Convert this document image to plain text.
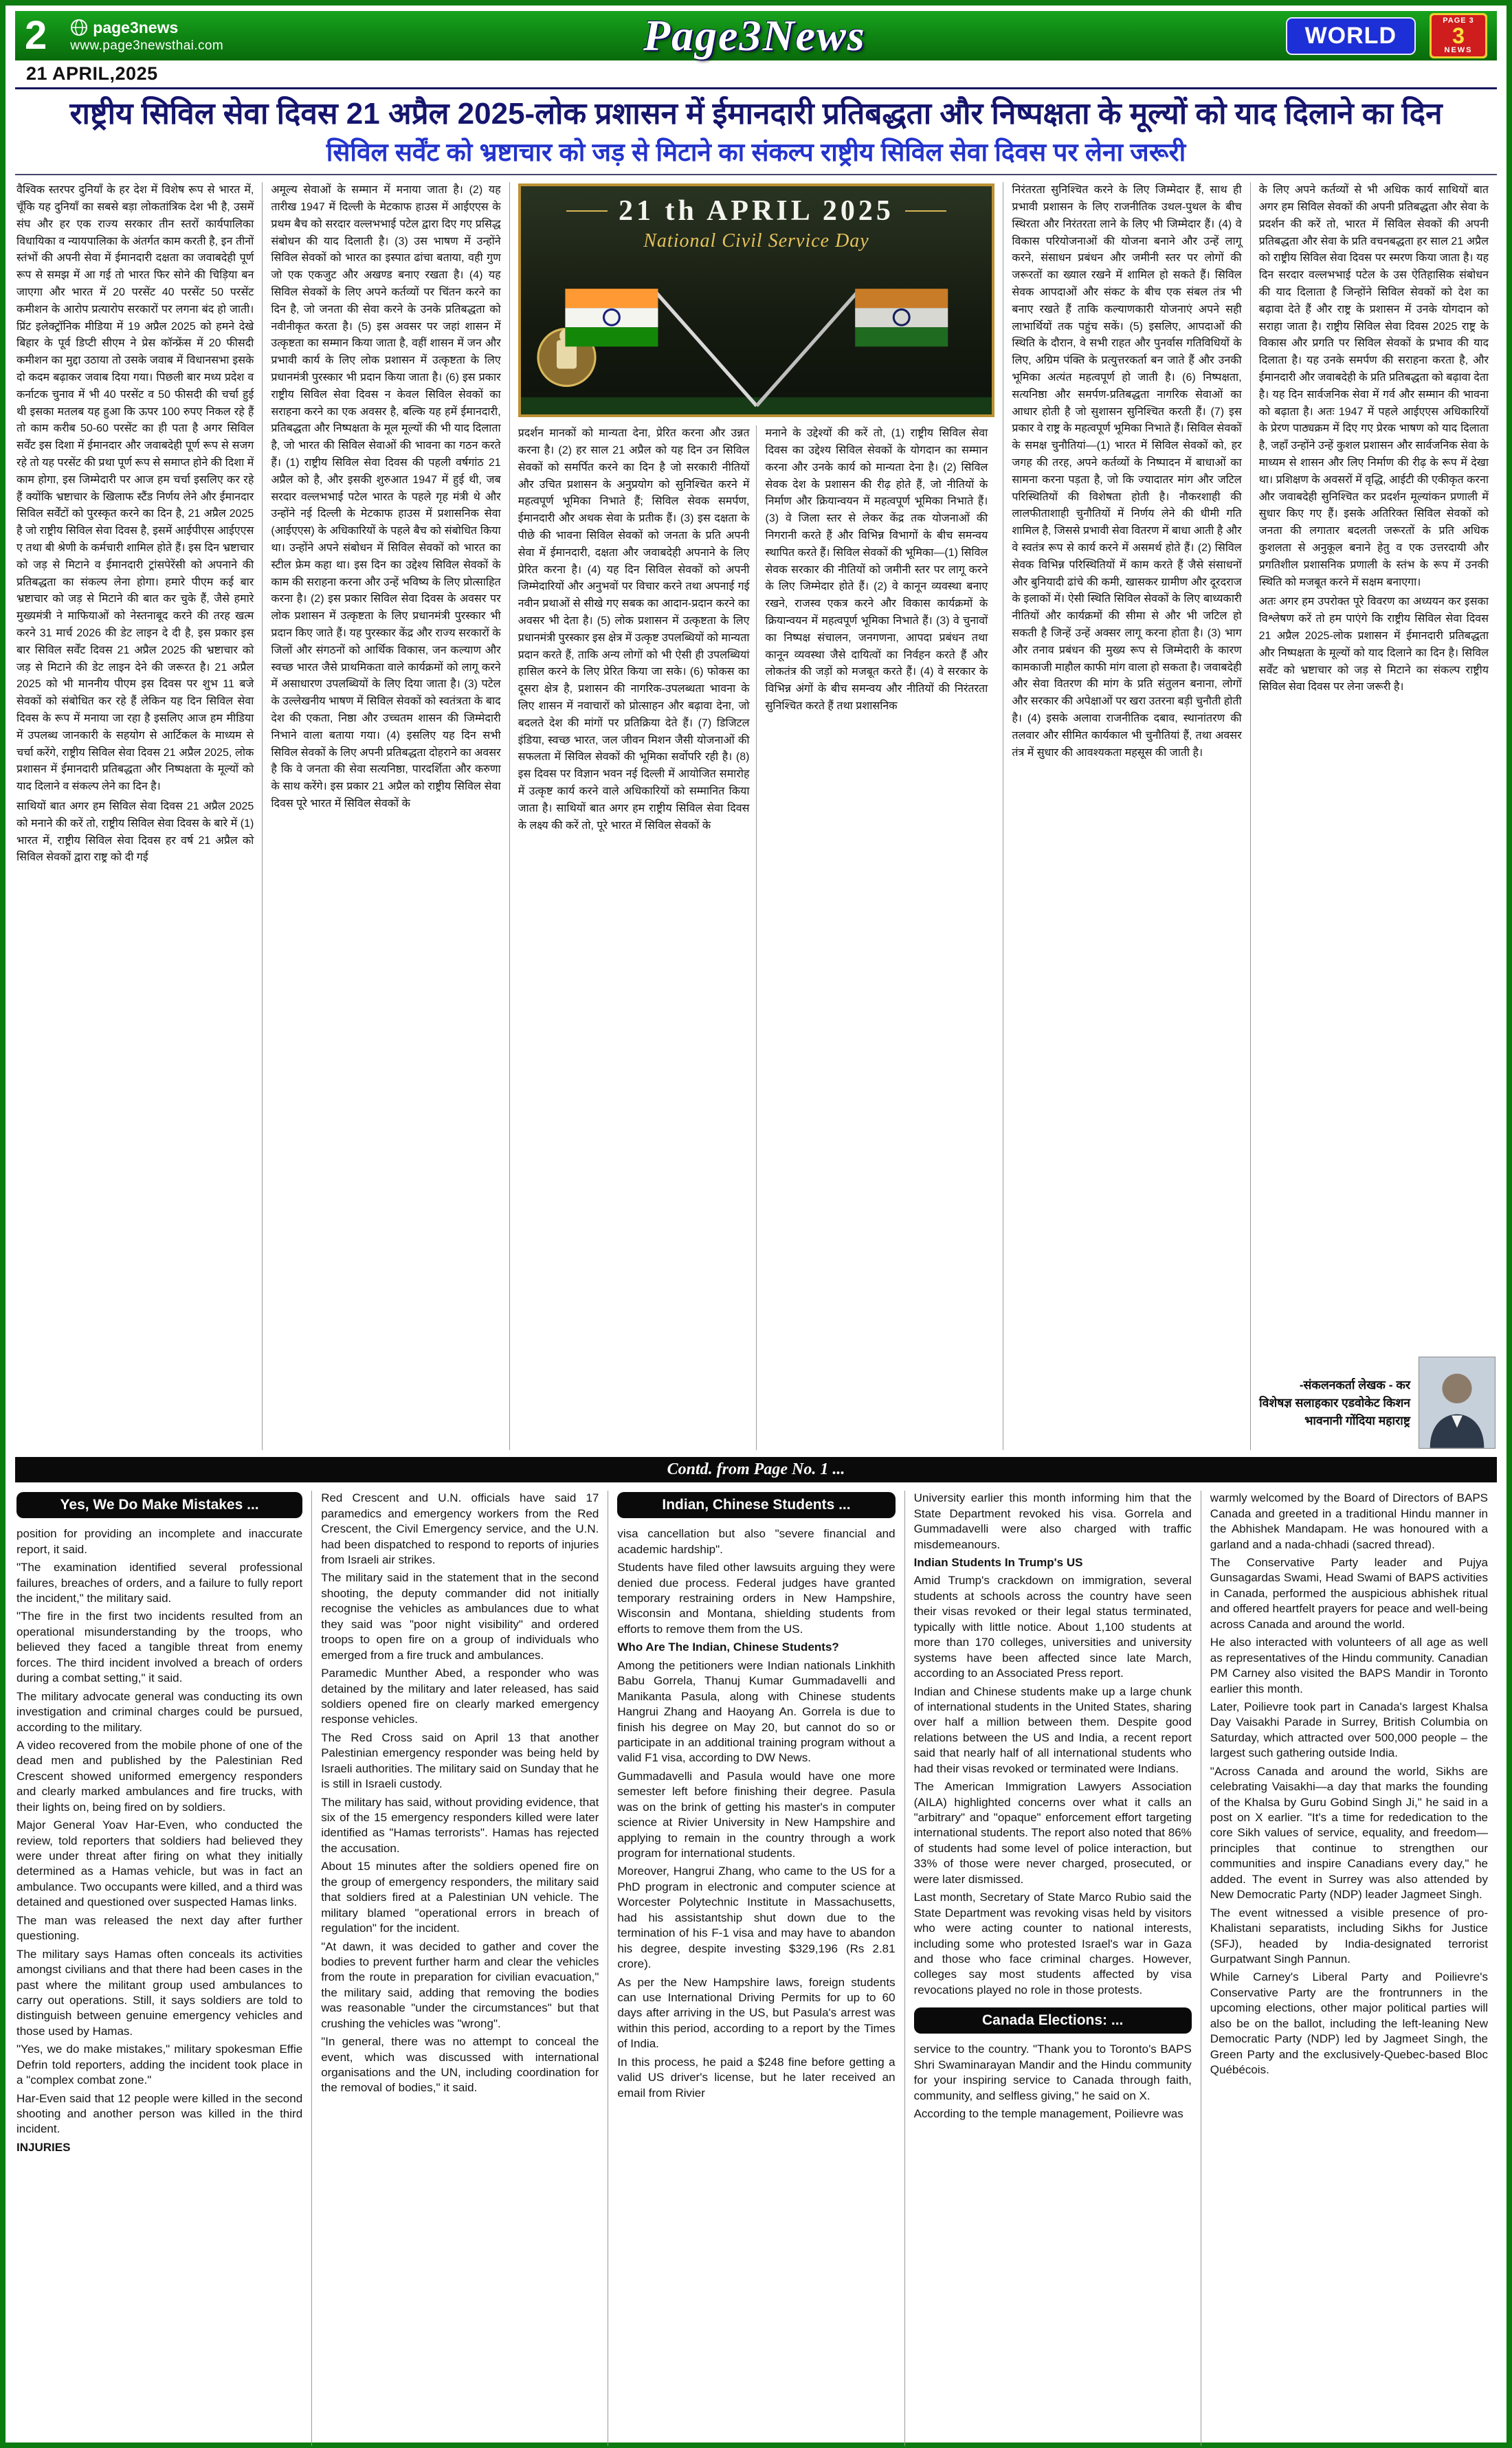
2	page3news
www.page3newsthai.com	Page3News	WORLD
PAGE 3
3
NEWS
21 APRIL,2025
राष्ट्रीय सिविल सेवा दिवस 21 अप्रैल 2025-लोक प्रशासन में ईमानदारी प्रतिबद्धता और निष्पक्षता के मूल्यों को याद दिलाने का दिन
सिविल सर्वेंट को भ्रष्टाचार को जड़ से मिटाने का संकल्प राष्ट्रीय सिविल सेवा दिवस पर लेना जरूरी

वैश्विक स्तरपर दुनियाँ के हर देश में विशेष रूप से भारत में, चूँकि यह दुनियाँ का सबसे बड़ा लोकतांत्रिक देश भी है, उसमें संघ और हर एक राज्य सरकार तीन स्तरों कार्यपालिका विधायिका व न्यायपालिका के अंतर्गत काम करती है, इन तीनों स्तंभों की अपनी सेवा में ईमानदारी दक्षता का जवाबदेही पूर्ण रूप से समझ में आ गई तो भारत फिर सोने की चिड़िया बन जाएगा और भारत में 20 परसेंट 40 परसेंट 50 परसेंट कमीशन के आरोप प्रत्यारोप सरकारों पर लगना बंद हो जाती। प्रिंट इलेक्ट्रॉनिक मीडिया में 19 अप्रैल 2025 को हमने देखे बिहार के पूर्व डिप्टी सीएम ने प्रेस कॉन्फ्रेंस में 20 फीसदी कमीशन का मुद्दा उठाया तो उसके जवाब में विधानसभा इसके दो कदम बढ़ाकर जवाब दिया गया। पिछली बार मध्य प्रदेश व कर्नाटक चुनाव में भी 40 परसेंट व 50 फीसदी की चर्चा हुई थी इसका मतलब यह हुआ कि ऊपर 100 रुपए निकल रहे हैं तो काम करीब 50-60 परसेंट का ही पता है अगर सिविल सर्वेंट इस दिशा में ईमानदार और जवाबदेही पूर्ण रूप से सजग रहे तो यह परसेंट की प्रथा पूर्ण रूप से समाप्त होने की दिशा में काम होगा, इस जिम्मेदारी पर आज हम चर्चा इसलिए कर रहे हैं क्योंकि भ्रष्टाचार के खिलाफ स्टैंड निर्णय लेने और ईमानदार सिविल सर्वेंटों को पुरस्कृत करने का दिन है, 21 अप्रैल 2025 है जो राष्ट्रीय सिविल सेवा दिवस है, इसमें आईपीएस आईएएस ए तथा बी श्रेणी के कर्मचारी शामिल होते हैं। इस दिन भ्रष्टाचार को जड़ से मिटाने व ईमानदारी ट्रांसपेरेंसी को अपनाने की प्रतिबद्धता का संकल्प लेना होगा। हमारे पीएम कई बार भ्रष्टाचार को जड़ से मिटाने की बात कर चुके हैं, जैसे हमारे मुख्यमंत्री ने माफियाओं को नेस्तनाबूद करने की तरह खत्म करने 31 मार्च 2026 की डेट लाइन दे दी है, इस प्रकार इस बार सिविल सर्वेंट दिवस 21 अप्रैल 2025 की भ्रष्टाचार को जड़ से मिटाने की डेट लाइन देने की जरूरत है। 21 अप्रैल 2025 को भी माननीय पीएम इस दिवस पर शुभ 11 बजे सेवकों को संबोधित कर रहे हैं लेकिन यह दिन सिविल सेवा दिवस के रूप में मनाया जा रहा है इसलिए आज हम मीडिया में उपलब्ध जानकारी के सहयोग से आर्टिकल के माध्यम से चर्चा करेंगे, राष्ट्रीय सिविल सेवा दिवस 21 अप्रैल 2025, लोक प्रशासन में ईमानदारी प्रतिबद्धता और निष्पक्षता के मूल्यों को याद दिलाने व संकल्प लेने का दिन है।

साथियों बात अगर हम सिविल सेवा दिवस 21 अप्रैल 2025 को मनाने की करें तो, राष्ट्रीय सिविल सेवा दिवस के बारे में (1) भारत में, राष्ट्रीय सिविल सेवा दिवस हर वर्ष 21 अप्रैल को सिविल सेवकों द्वारा राष्ट्र को दी गई

अमूल्य सेवाओं के सम्मान में मनाया जाता है। (2) यह तारीख 1947 में दिल्ली के मेटकाफ हाउस में आईएएस के प्रथम बैच को सरदार वल्लभभाई पटेल द्वारा दिए गए प्रसिद्ध संबोधन की याद दिलाती है। (3) उस भाषण में उन्होंने सिविल सेवकों को भारत का इस्पात ढांचा बताया, वही गुण जो एक एकजुट और अखण्ड बनाए रखता है। (4) यह सिविल सेवकों के लिए अपने कर्तव्यों पर चिंतन करने का दिन है, जो जनता की सेवा करने के उनके प्रतिबद्धता को नवीनीकृत करता है। (5) इस अवसर पर जहां शासन में उत्कृष्टता का सम्मान किया जाता है, वहीं शासन में जन और प्रभावी कार्य के लिए लोक प्रशासन में उत्कृष्टता के लिए प्रधानमंत्री पुरस्कार भी प्रदान किया जाता है। (6) इस प्रकार राष्ट्रीय सिविल सेवा दिवस न केवल सिविल सेवकों का सराहना करने का एक अवसर है, बल्कि यह हमें ईमानदारी, प्रतिबद्धता और निष्पक्षता के मूल मूल्यों की भी याद दिलाता है, जो भारत की सिविल सेवाओं की भावना का गठन करते हैं। (1) राष्ट्रीय सिविल सेवा दिवस की पहली वर्षगांठ 21 अप्रैल को है, और इसकी शुरुआत 1947 में हुई थी, जब सरदार वल्लभभाई पटेल भारत के पहले गृह मंत्री थे और उन्होंने नई दिल्ली के मेटकाफ हाउस में प्रशासनिक सेवा (आईएएस) के अधिकारियों के पहले बैच को संबोधित किया था। उन्होंने अपने संबोधन में सिविल सेवकों को भारत का स्टील फ्रेम कहा था। इस दिन का उद्देश्य सिविल सेवकों के काम की सराहना करना और उन्हें भविष्य के लिए प्रोत्साहित करना है। (2) इस प्रकार सिविल सेवा दिवस के अवसर पर लोक प्रशासन में उत्कृष्टता के लिए प्रधानमंत्री पुरस्कार भी प्रदान किए जाते हैं। यह पुरस्कार केंद्र और राज्य सरकारों के जिलों और संगठनों को आर्थिक विकास, जन कल्याण और स्वच्छ भारत जैसे प्राथमिकता वाले कार्यक्रमों को लागू करने में असाधारण उपलब्धियों के लिए दिया जाता है। (3) पटेल के उल्लेखनीय भाषण में सिविल सेवकों को स्वतंत्रता के बाद देश की एकता, निष्ठा और उच्चतम शासन की जिम्मेदारी निभाने वाला बताया गया। (4) इसलिए यह दिन सभी सिविल सेवकों के लिए अपनी प्रतिबद्धता दोहराने का अवसर है कि वे जनता की सेवा सत्यनिष्ठा, पारदर्शिता और करुणा के साथ करेंगे। इस प्रकार 21 अप्रैल को राष्ट्रीय सिविल सेवा दिवस पूरे भारत में सिविल सेवकों के

21 th APRIL 2025
National Civil Service Day

प्रदर्शन मानकों को मान्यता देना, प्रेरित करना और उन्नत करना है। (2) हर साल 21 अप्रैल को यह दिन उन सिविल सेवकों को समर्पित करने का दिन है जो सरकारी नीतियों और उचित प्रशासन के अनुप्रयोग को सुनिश्चित करने में महत्वपूर्ण भूमिका निभाते हैं; सिविल सेवक समर्पण, ईमानदारी और अथक सेवा के प्रतीक हैं। (3) इस दक्षता के पीछे की भावना सिविल सेवकों को जनता के प्रति अपनी सेवा में ईमानदारी, दक्षता और जवाबदेही अपनाने के लिए प्रेरित करना है। (4) यह दिन सिविल सेवकों को अपनी जिम्मेदारियों और अनुभवों पर विचार करने तथा अपनाई गई नवीन प्रथाओं से सीखे गए सबक का आदान-प्रदान करने का अवसर भी देता है। (5) लोक प्रशासन में उत्कृष्टता के लिए प्रधानमंत्री पुरस्कार इस क्षेत्र में उत्कृष्ट उपलब्धियों को मान्यता प्रदान करते हैं, ताकि अन्य लोगों को भी ऐसी ही उपलब्धियां हासिल करने के लिए प्रेरित किया जा सके। (6) फोकस का दूसरा क्षेत्र है, प्रशासन की नागरिक-उपलब्धता भावना के लिए शासन में नवाचारों को प्रोत्साहन और बढ़ावा देना, जो बदलते देश की मांगों पर प्रतिक्रिया देते हैं। (7) डिजिटल इंडिया, स्वच्छ भारत, जल जीवन मिशन जैसी योजनाओं की सफलता में सिविल सेवकों की भूमिका सर्वोपरि रही है। (8) इस दिवस पर विज्ञान भवन नई दिल्ली में आयोजित समारोह में उत्कृष्ट कार्य करने वाले अधिकारियों को सम्मानित किया जाता है। साथियों बात अगर हम राष्ट्रीय सिविल सेवा दिवस के लक्ष्य की करें तो, पूरे भारत में सिविल सेवकों के

मनाने के उद्देश्यों की करें तो, (1) राष्ट्रीय सिविल सेवा दिवस का उद्देश्य सिविल सेवकों के योगदान का सम्मान करना और उनके कार्य को मान्यता देना है। (2) सिविल सेवक देश के प्रशासन की रीढ़ होते हैं, जो नीतियों के निर्माण और क्रियान्वयन में महत्वपूर्ण भूमिका निभाते हैं। (3) वे जिला स्तर से लेकर केंद्र तक योजनाओं की निगरानी करते हैं और विभिन्न विभागों के बीच समन्वय स्थापित करते हैं। सिविल सेवकों की भूमिका—(1) सिविल सेवक सरकार की नीतियों को जमीनी स्तर पर लागू करने के लिए जिम्मेदार होते हैं। (2) वे कानून व्यवस्था बनाए रखने, राजस्व एकत्र करने और विकास कार्यक्रमों के क्रियान्वयन में महत्वपूर्ण भूमिका निभाते हैं। (3) वे चुनावों का निष्पक्ष संचालन, जनगणना, आपदा प्रबंधन तथा कानून व्यवस्था जैसे दायित्वों का निर्वहन करते हैं और लोकतंत्र की जड़ों को मजबूत करते हैं। (4) वे सरकार के विभिन्न अंगों के बीच समन्वय और नीतियों की निरंतरता सुनिश्चित करते हैं तथा प्रशासनिक

निरंतरता सुनिश्चित करने के लिए जिम्मेदार हैं, साथ ही प्रभावी प्रशासन के लिए राजनीतिक उथल-पुथल के बीच स्थिरता और निरंतरता लाने के लिए भी जिम्मेदार हैं। (4) वे विकास परियोजनाओं की योजना बनाने और उन्हें लागू करने, संसाधन प्रबंधन और जमीनी स्तर पर लोगों की जरूरतों का ख्याल रखने में शामिल हो सकते हैं। सिविल सेवक आपदाओं और संकट के बीच एक संबल तंत्र भी बनाए रखते हैं ताकि कल्याणकारी योजनाएं अपने सही लाभार्थियों तक पहुंच सकें। (5) इसलिए, आपदाओं की स्थिति के दौरान, वे सभी राहत और पुनर्वास गतिविधियों के लिए, अग्रिम पंक्ति के प्रत्युत्तरकर्ता बन जाते हैं और उनकी भूमिका अत्यंत महत्वपूर्ण हो जाती है। (6) निष्पक्षता, सत्यनिष्ठा और समर्पण-प्रतिबद्धता नागरिक सेवाओं का आधार होती है जो सुशासन सुनिश्चित करती हैं। (7) इस प्रकार वे राष्ट्र के महत्वपूर्ण भूमिका निभाते हैं। सिविल सेवकों के समक्ष चुनौतियां—(1) भारत में सिविल सेवकों को, हर जगह की तरह, अपने कर्तव्यों के निष्पादन में बाधाओं का सामना करना पड़ता है, जो कि ज्यादातर मांग और जटिल परिस्थितियों की विशेषता होती है। नौकरशाही की लालफीताशाही चुनौतियों में निर्णय लेने की धीमी गति शामिल है, जिससे प्रभावी सेवा वितरण में बाधा आती है और वे स्वतंत्र रूप से कार्य करने में असमर्थ होते हैं। (2) सिविल सेवक विभिन्न परिस्थितियों में काम करते हैं जैसे संसाधनों और बुनियादी ढांचे की कमी, खासकर ग्रामीण और दूरदराज के इलाकों में। ऐसी स्थिति सिविल सेवकों के लिए बाध्यकारी नीतियों और कार्यक्रमों की सीमा से और भी जटिल हो सकती है जिन्हें उन्हें अक्सर लागू करना होता है। (3) भाग और तनाव प्रबंधन की मुख्य रूप से जिम्मेदारी के कारण कामकाजी माहौल काफी मांग वाला हो सकता है। जवाबदेही और सेवा वितरण की मांग के प्रति संतुलन बनाना, लोगों और सरकार की अपेक्षाओं पर खरा उतरना बड़ी चुनौती होती है। (4) इसके अलावा राजनीतिक दबाव, स्थानांतरण की तलवार और सीमित कार्यकाल भी चुनौतियां हैं, तथा अवसर तंत्र में सुधार की आवश्यकता महसूस की जाती है।

के लिए अपने कर्तव्यों से भी अधिक कार्य साथियों बात अगर हम सिविल सेवकों की अपनी प्रतिबद्धता और सेवा के प्रदर्शन की करें तो, भारत में सिविल सेवकों की अपनी प्रतिबद्धता और सेवा के प्रति वचनबद्धता हर साल 21 अप्रैल को राष्ट्रीय सिविल सेवा दिवस पर स्मरण किया जाता है। यह दिन सरदार वल्लभभाई पटेल के उस ऐतिहासिक संबोधन की याद दिलाता है जिन्होंने सिविल सेवकों को देश का बढ़ावा देते हैं और राष्ट्र के प्रशासन में उनके योगदान को सराहा जाता है। राष्ट्रीय सिविल सेवा दिवस 2025 राष्ट्र के विकास और प्रगति पर सिविल सेवकों के प्रभाव की याद दिलाता है। यह उनके समर्पण की सराहना करता है, और ईमानदारी और जवाबदेही के प्रति प्रतिबद्धता को बढ़ावा देता है। यह दिन सार्वजनिक सेवा में गर्व और सम्मान की भावना को बढ़ाता है। अतः 1947 में पहले आईएएस अधिकारियों के प्रेरण पाठ्यक्रम में दिए गए प्रेरक भाषण को याद दिलाता है, जहाँ उन्होंने उन्हें कुशल प्रशासन और सार्वजनिक सेवा के माध्यम से शासन और लिए निर्माण की रीढ़ के रूप में देखा था। प्रशिक्षण के अवसरों में वृद्धि, आईटी की एकीकृत करना और जवाबदेही सुनिश्चित कर प्रदर्शन मूल्यांकन प्रणाली में सुधार किए गए हैं। इसके अतिरिक्त सिविल सेवकों को जनता की लगातार बदलती जरूरतों के प्रति अधिक कुशलता से अनुकूल बनाने हेतु व एक उत्तरदायी और प्रगतिशील प्रशासनिक प्रणाली के स्तंभ के रूप में उनकी स्थिति को मजबूत करने में सक्षम बनाएगा।

अतः अगर हम उपरोक्त पूरे विवरण का अध्ययन कर इसका विश्लेषण करें तो हम पाएंगे कि राष्ट्रीय सिविल सेवा दिवस 21 अप्रैल 2025-लोक प्रशासन में ईमानदारी प्रतिबद्धता और निष्पक्षता के मूल्यों को याद दिलाने का दिन है। सिविल सर्वेंट को भ्रष्टाचार को जड़ से मिटाने का संकल्प राष्ट्रीय सिविल सेवा दिवस पर लेना जरूरी है।

-संकलनकर्ता लेखक - कर
विशेषज्ञ सलाहकार एडवोकेट किशन
भावनानी गोंदिया महाराष्ट्र
Contd. from Page No. 1 ...
Yes, We Do Make Mistakes ...

position for providing an incomplete and inaccurate report, it said.

"The examination identified several professional failures, breaches of orders, and a failure to fully report the incident," the military said.

"The fire in the first two incidents resulted from an operational misunderstanding by the troops, who believed they faced a tangible threat from enemy forces. The third incident involved a breach of orders during a combat setting," it said.

The military advocate general was conducting its own investigation and criminal charges could be pursued, according to the military.

A video recovered from the mobile phone of one of the dead men and published by the Palestinian Red Crescent showed uniformed emergency responders and clearly marked ambulances and fire trucks, with their lights on, being fired on by soldiers.

Major General Yoav Har-Even, who conducted the review, told reporters that soldiers had believed they were under threat after firing on what they initially determined as a Hamas vehicle, but was in fact an ambulance. Two occupants were killed, and a third was detained and questioned over suspected Hamas links.

The man was released the next day after further questioning.

The military says Hamas often conceals its activities amongst civilians and that there had been cases in the past where the militant group used ambulances to carry out operations. Still, it says soldiers are told to distinguish between genuine emergency vehicles and those used by Hamas.

"Yes, we do make mistakes," military spokesman Effie Defrin told reporters, adding the incident took place in a "complex combat zone."

Har-Even said that 12 people were killed in the second shooting and another person was killed in the third incident.

INJURIES

Red Crescent and U.N. officials have said 17 paramedics and emergency workers from the Red Crescent, the Civil Emergency service, and the U.N. had been dispatched to respond to reports of injuries from Israeli air strikes.

The military said in the statement that in the second shooting, the deputy commander did not initially recognise the vehicles as ambulances due to what they said was "poor night visibility" and ordered troops to open fire on a group of individuals who emerged from a fire truck and ambulances.

Paramedic Munther Abed, a responder who was detained by the military and later released, has said soldiers opened fire on clearly marked emergency response vehicles.

The Red Cross said on April 13 that another Palestinian emergency responder was being held by Israeli authorities. The military said on Sunday that he is still in Israeli custody.

The military has said, without providing evidence, that six of the 15 emergency responders killed were later identified as "Hamas terrorists". Hamas has rejected the accusation.

About 15 minutes after the soldiers opened fire on the group of emergency responders, the military said that soldiers fired at a Palestinian UN vehicle. The military blamed "operational errors in breach of regulation" for the incident.

"At dawn, it was decided to gather and cover the bodies to prevent further harm and clear the vehicles from the route in preparation for civilian evacuation," the military said, adding that removing the bodies was reasonable "under the circumstances" but that crushing the vehicles was "wrong".

"In general, there was no attempt to conceal the event, which was discussed with international organisations and the UN, including coordination for the removal of bodies," it said.

Indian, Chinese Students ...

visa cancellation but also "severe financial and academic hardship".

Students have filed other lawsuits arguing they were denied due process. Federal judges have granted temporary restraining orders in New Hampshire, Wisconsin and Montana, shielding students from efforts to remove them from the US.

Who Are The Indian, Chinese Students?

Among the petitioners were Indian nationals Linkhith Babu Gorrela, Thanuj Kumar Gummadavelli and Manikanta Pasula, along with Chinese students Hangrui Zhang and Haoyang An. Gorrela is due to finish his degree on May 20, but cannot do so or participate in an additional training program without a valid F1 visa, according to DW News.

Gummadavelli and Pasula would have one more semester left before finishing their degree. Pasula was on the brink of getting his master's in computer science at Rivier University in New Hampshire and applying to remain in the country through a work program for international students.

Moreover, Hangrui Zhang, who came to the US for a PhD program in electronic and computer science at Worcester Polytechnic Institute in Massachusetts, had his assistantship shut down due to the termination of his F-1 visa and may have to abandon his degree, despite investing $329,196 (Rs 2.81 crore).

As per the New Hampshire laws, foreign students can use International Driving Permits for up to 60 days after arriving in the US, but Pasula's arrest was within this period, according to a report by the Times of India.

In this process, he paid a $248 fine before getting a valid US driver's license, but he later received an email from Rivier

University earlier this month informing him that the State Department revoked his visa. Gorrela and Gummadavelli were also charged with traffic misdemeanours.

Indian Students In Trump's US

Amid Trump's crackdown on immigration, several students at schools across the country have seen their visas revoked or their legal status terminated, typically with little notice. About 1,100 students at more than 170 colleges, universities and university systems have been affected since late March, according to an Associated Press report.

Indian and Chinese students make up a large chunk of international students in the United States, sharing over half a million between them. Despite good relations between the US and India, a recent report said that nearly half of all international students who had their visas revoked or terminated were Indians.

The American Immigration Lawyers Association (AILA) highlighted concerns over what it calls an "arbitrary" and "opaque" enforcement effort targeting international students. The report also noted that 86% of students had some level of police interaction, but 33% of those were never charged, prosecuted, or were later dismissed.

Last month, Secretary of State Marco Rubio said the State Department was revoking visas held by visitors who were acting counter to national interests, including some who protested Israel's war in Gaza and those who face criminal charges. However, colleges say most students affected by visa revocations played no role in those protests.

Canada Elections: ...

service to the country. "Thank you to Toronto's BAPS Shri Swaminarayan Mandir and the Hindu community for your inspiring service to Canada through faith, community, and selfless giving," he said on X.

According to the temple management, Poilievre was

warmly welcomed by the Board of Directors of BAPS Canada and greeted in a traditional Hindu manner in the Abhishek Mandapam. He was honoured with a garland and a nada-chhadi (sacred thread).

The Conservative Party leader and Pujya Gunsagardas Swami, Head Swami of BAPS activities in Canada, performed the auspicious abhishek ritual and offered heartfelt prayers for peace and well-being across Canada and around the world.

He also interacted with volunteers of all age as well as representatives of the Hindu community. Canadian PM Carney also visited the BAPS Mandir in Toronto earlier this month.

Later, Poilievre took part in Canada's largest Khalsa Day Vaisakhi Parade in Surrey, British Columbia on Saturday, which attracted over 500,000 people – the largest such gathering outside India.

"Across Canada and around the world, Sikhs are celebrating Vaisakhi—a day that marks the founding of the Khalsa by Guru Gobind Singh Ji," he said in a post on X earlier. "It's a time for rededication to the core Sikh values of service, equality, and freedom—principles that continue to strengthen our communities and inspire Canadians every day," he added. The event in Surrey was also attended by New Democratic Party (NDP) leader Jagmeet Singh.

The event witnessed a visible presence of pro-Khalistani separatists, including Sikhs for Justice (SFJ), headed by India-designated terrorist Gurpatwant Singh Pannun.

While Carney's Liberal Party and Poilievre's Conservative Party are the frontrunners in the upcoming elections, other major political parties will also be on the ballot, including the left-leaning New Democratic Party (NDP) led by Jagmeet Singh, the Green Party and the exclusively-Quebec-based Bloc Québécois.
